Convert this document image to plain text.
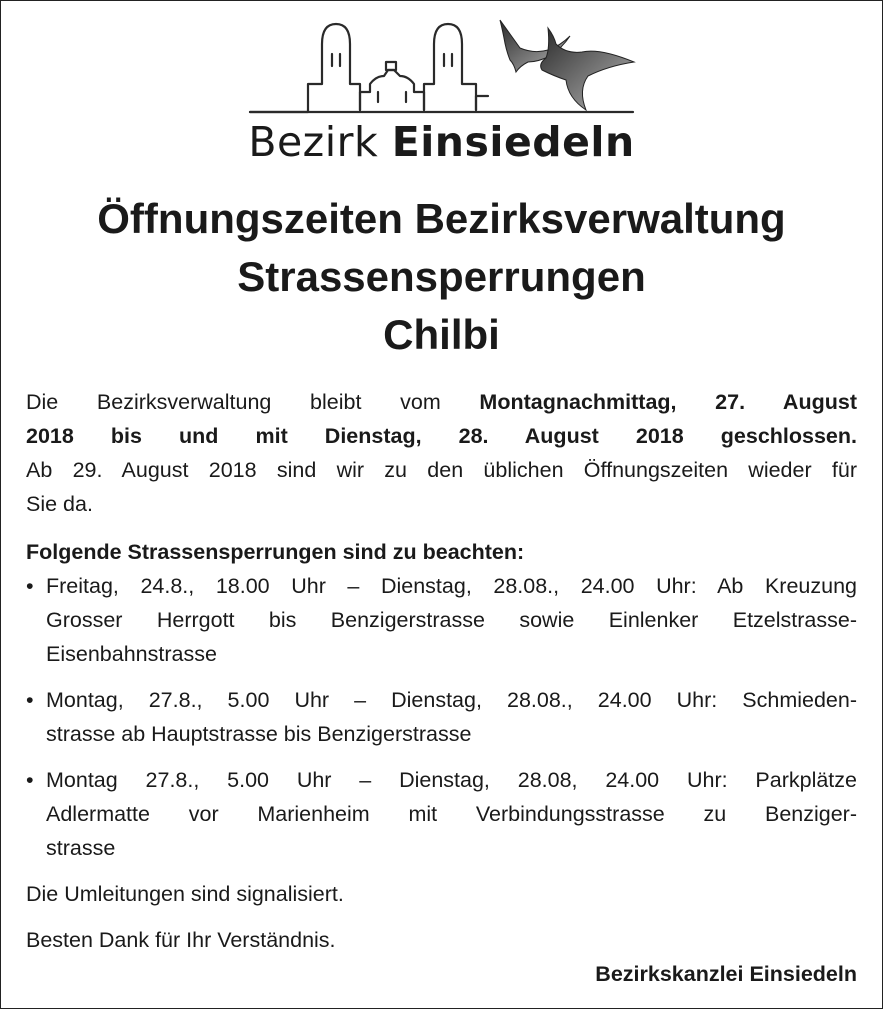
Bezirk Einsiedeln
Öffnungszeiten Bezirksverwaltung
Strassensperrungen
Chilbi

Die Bezirksverwaltung bleibt vom Montagnachmittag, 27. August
2018 bis und mit Dienstag, 28. August 2018 geschlossen.
Ab 29. August 2018 sind wir zu den üblichen Öffnungszeiten wieder für
Sie da.

Folgende Strassensperrungen sind zu beachten:

• Freitag, 24.8., 18.00 Uhr – Dienstag, 28.08., 24.00 Uhr: Ab Kreuzung
Grosser Herrgott bis Benzigerstrasse sowie Einlenker Etzelstrasse-
Eisenbahnstrasse
• Montag, 27.8., 5.00 Uhr – Dienstag, 28.08., 24.00 Uhr: Schmieden-
strasse ab Hauptstrasse bis Benzigerstrasse
• Montag 27.8., 5.00 Uhr – Dienstag, 28.08, 24.00 Uhr: Parkplätze
Adlermatte vor Marienheim mit Verbindungsstrasse zu Benziger-
strasse

Die Umleitungen sind signalisiert.

Besten Dank für Ihr Verständnis.

Bezirkskanzlei Einsiedeln
